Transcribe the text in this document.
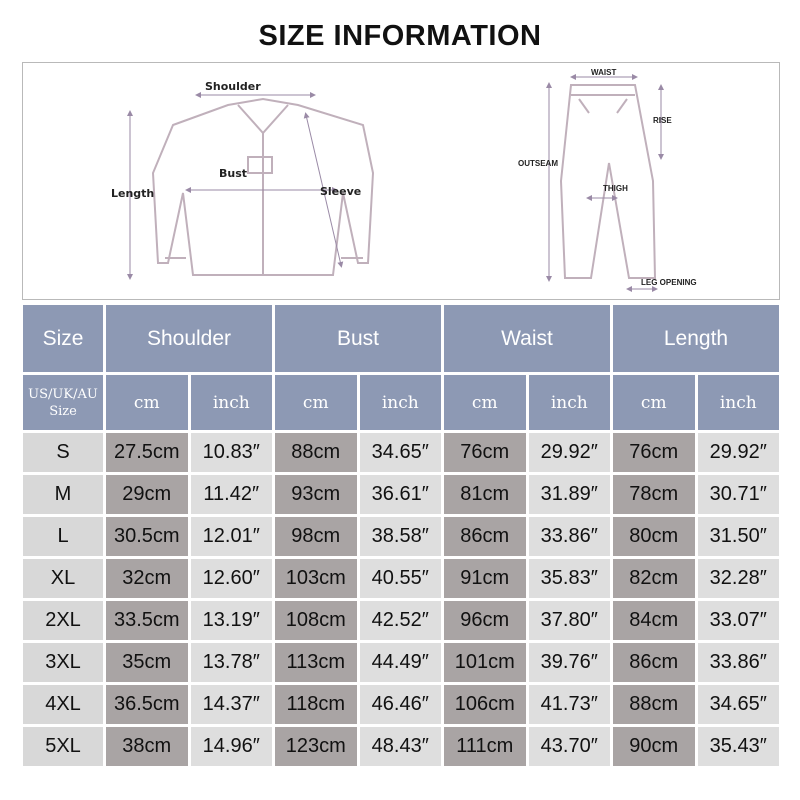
SIZE INFORMATION
Shoulder
Bust
Length	Sleeve
WAIST
RISE
OUTSEAM
THIGH
LEG OPENING
Size	Shoulder		Bust		Waist		Length	
US/UK/AU
Size	cm	inch	cm	inch	cm	inch	cm	inch
S	27.5cm	10.83″	88cm	34.65″	76cm	29.92″	76cm	29.92″
M	29cm	11.42″	93cm	36.61″	81cm	31.89″	78cm	30.71″
L	30.5cm	12.01″	98cm	38.58″	86cm	33.86″	80cm	31.50″
XL	32cm	12.60″	103cm	40.55″	91cm	35.83″	82cm	32.28″
2XL	33.5cm	13.19″	108cm	42.52″	96cm	37.80″	84cm	33.07″
3XL	35cm	13.78″	113cm	44.49″	101cm	39.76″	86cm	33.86″
4XL	36.5cm	14.37″	118cm	46.46″	106cm	41.73″	88cm	34.65″
5XL	38cm	14.96″	123cm	48.43″	111cm	43.70″	90cm	35.43″
